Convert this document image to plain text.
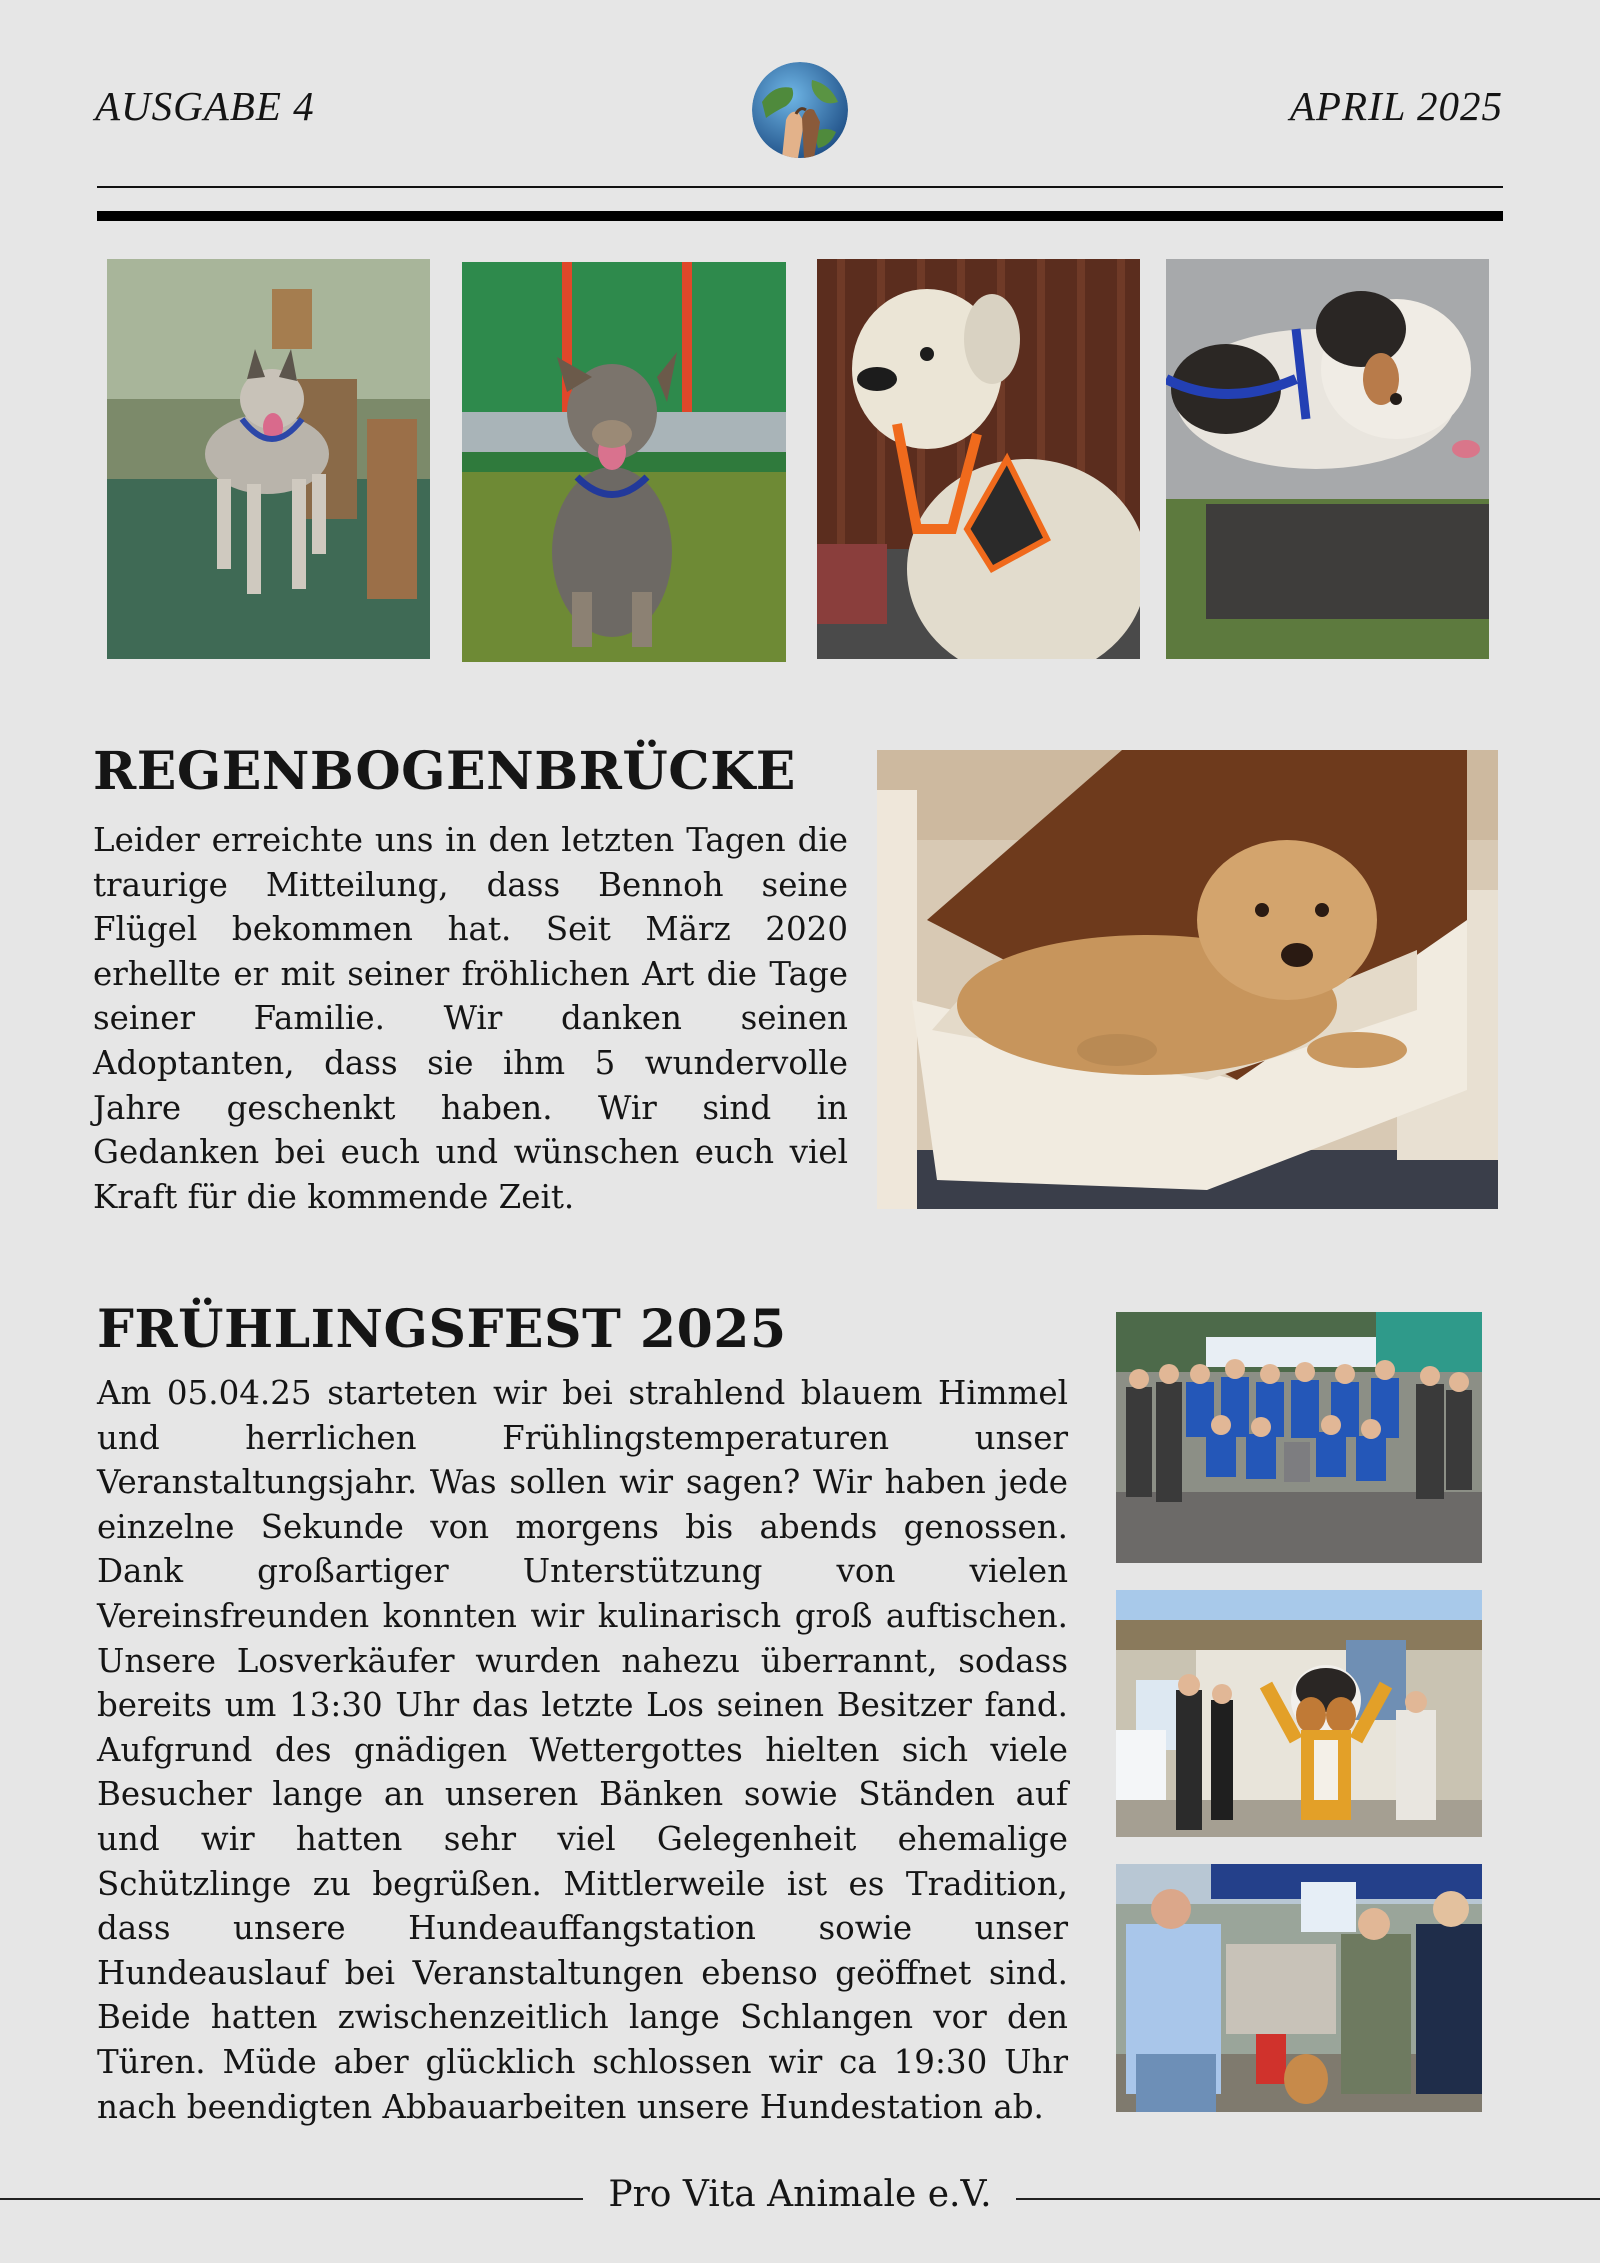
AUSGABE 4	APRIL 2025
REGENBOGENBRÜCKE

Leider erreichte uns in den letzten Tagen die traurige Mitteilung, dass Bennoh seine Flügel bekommen hat. Seit März 2020 erhellte er mit seiner fröhlichen Art die Tage seiner Familie. Wir danken seinen Adoptanten, dass sie ihm 5 wundervolle Jahre geschenkt haben. Wir sind in Gedanken bei euch und wünschen euch viel Kraft für die kommende Zeit.

FRÜHLINGSFEST 2025

Am 05.04.25 starteten wir bei strahlend blauem Himmel und herrlichen Frühlingstemperaturen unser Veranstaltungsjahr. Was sollen wir sagen? Wir haben jede einzelne Sekunde von morgens bis abends genossen. Dank großartiger Unterstützung von vielen Vereinsfreunden konnten wir kulinarisch groß auftischen. Unsere Losverkäufer wurden nahezu überrannt, sodass bereits um 13:30 Uhr das letzte Los seinen Besitzer fand. Aufgrund des gnädigen Wettergottes hielten sich viele Besucher lange an unseren Bänken sowie Ständen auf und wir hatten sehr viel Gelegenheit ehemalige Schützlinge zu begrüßen. Mittlerweile ist es Tradition, dass unsere Hundeauffangstation sowie unser Hundeauslauf bei Veranstaltungen ebenso geöffnet sind. Beide hatten zwischenzeitlich lange Schlangen vor den Türen. Müde aber glücklich schlossen wir ca 19:30 Uhr nach beendigten Abbauarbeiten unsere Hundestation ab.

Pro Vita Animale e.V.
